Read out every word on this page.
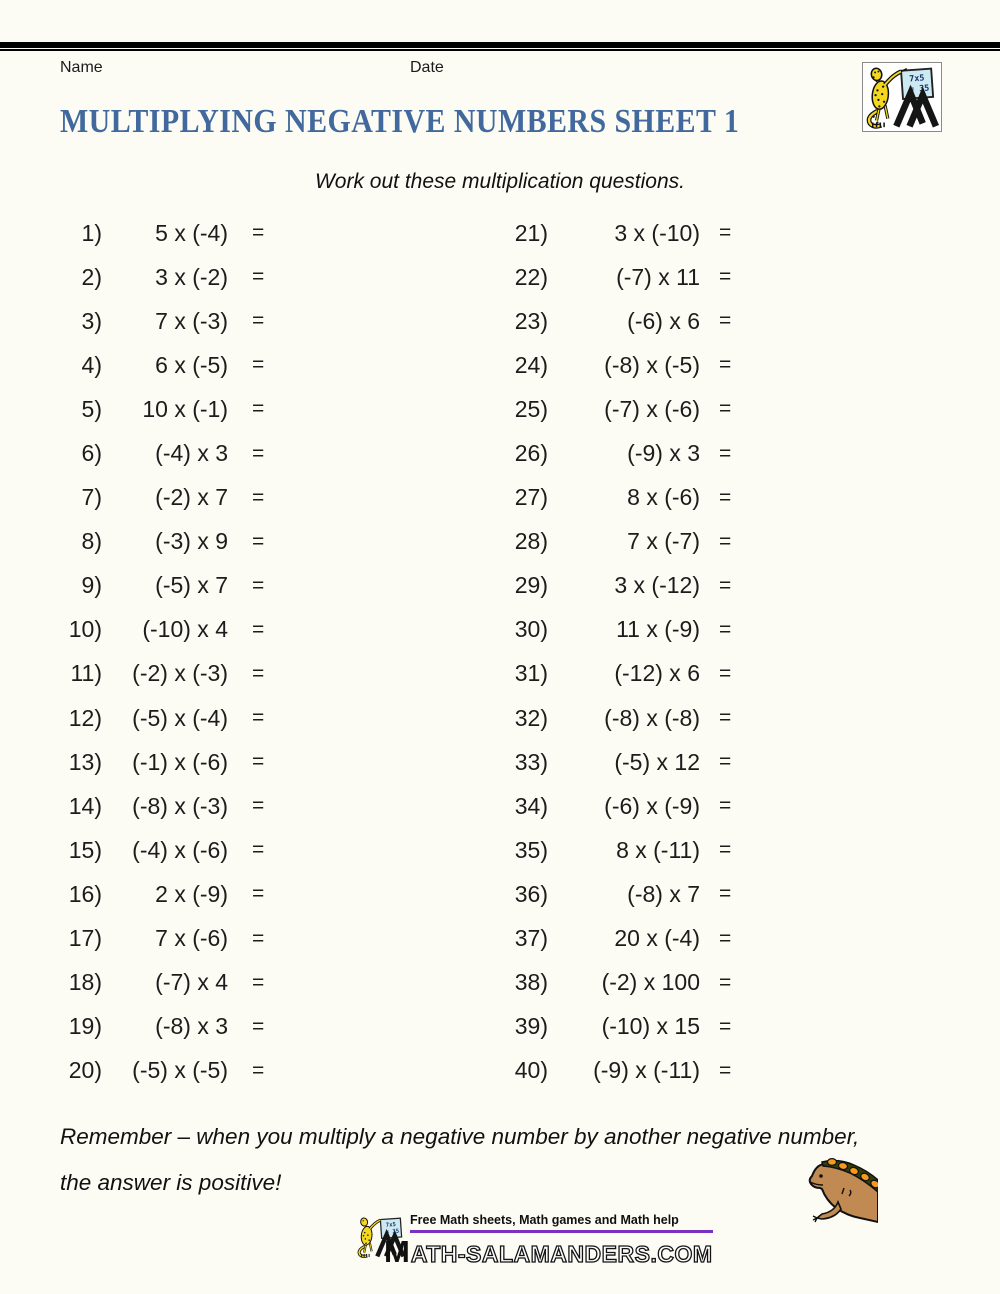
Name	Date
7x5
= 35
MULTIPLYING NEGATIVE NUMBERS SHEET 1
Work out these multiplication questions.
1)	5 x (-4)	=	21)	3 x (-10) =
2)	3 x (-2)	=	22)	(-7) x 11 =
3)	7 x (-3)	=	23)	(-6) x 6 =
4)	6 x (-5)	=	24)	(-8) x (-5) =
5)	10 x (-1)	=	25)	(-7) x (-6) =
6)	(-4) x 3	=	26)	(-9) x 3 =
7)	(-2) x 7	=	27)	8 x (-6) =
8)	(-3) x 9	=	28)	7 x (-7) =
9)	(-5) x 7	=	29)	3 x (-12) =
10)	(-10) x 4	=	30)	11 x (-9) =
11)	(-2) x (-3)	=	31)	(-12) x 6 =
12)	(-5) x (-4)	=	32)	(-8) x (-8) =
13)	(-1) x (-6)	=	33)	(-5) x 12 =
14)	(-8) x (-3)	=	34)	(-6) x (-9) =
15)	(-4) x (-6)	=	35)	8 x (-11) =
16)	2 x (-9)	=	36)	(-8) x 7 =
17)	7 x (-6)	=	37)	20 x (-4) =
18)	(-7) x 4	=	38)	(-2) x 100 =
19)	(-8) x 3	=	39)	(-10) x 15 =
20)	(-5) x (-5)	=	40)	(-9) x (-11) =
Remember – when you multiply a negative number by another negative number,
the answer is positive!
7x5
= 35
Free Math sheets, Math games and Math help
M ATH-SALAMANDERS.COM
